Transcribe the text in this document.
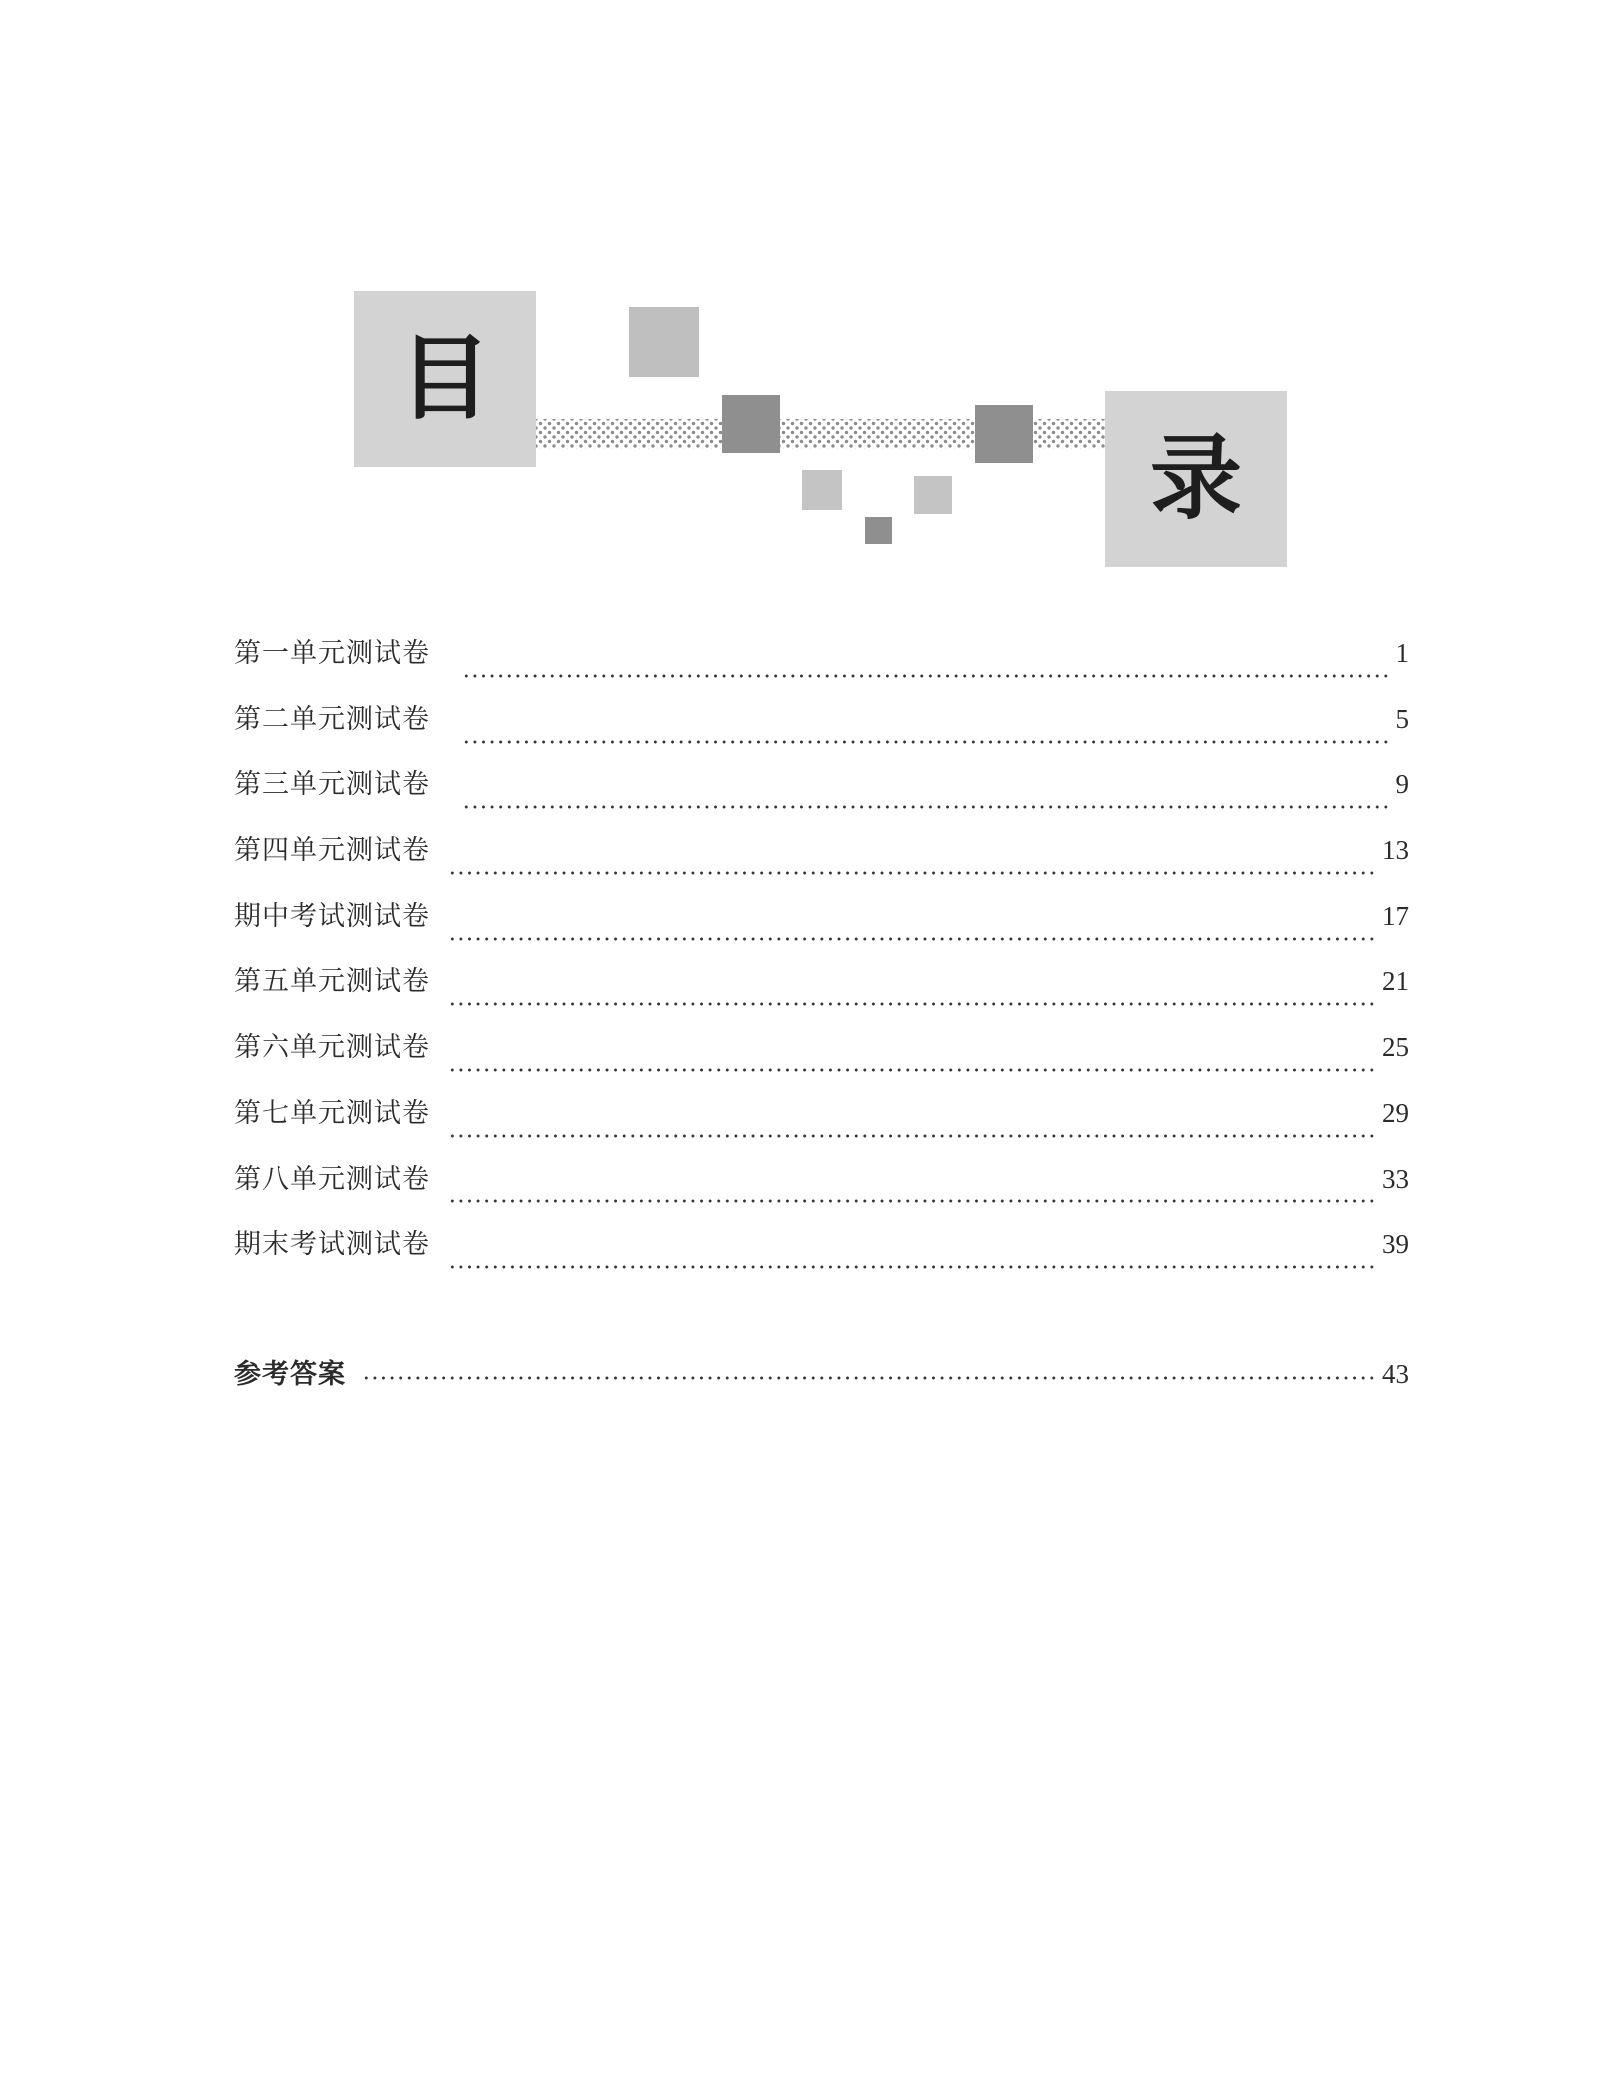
目
录
第一单元测试卷	1
第二单元测试卷	5
第三单元测试卷	9
第四单元测试卷	13
期中考试测试卷	17
第五单元测试卷	21
第六单元测试卷	25
第七单元测试卷	29
第八单元测试卷	33
期末考试测试卷	39
参考答案	43
